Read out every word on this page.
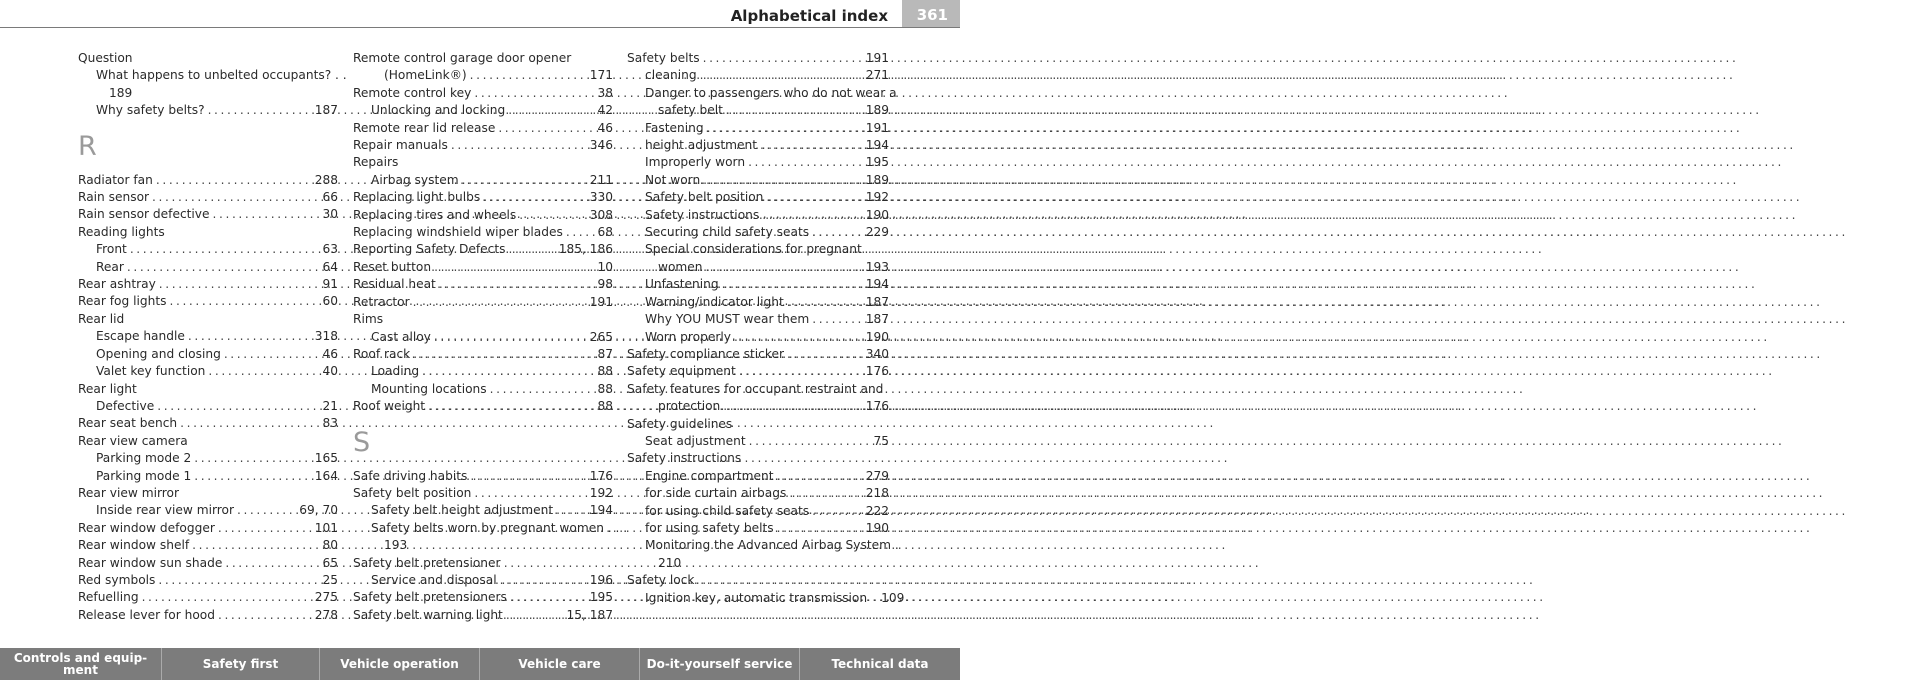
Alphabetical index 361
Question
What happens to unbelted occupants? . .
189
Why safety belts? .....	187
R
Radiator fan .....	288
Rain sensor .....	66
Rain sensor defective .....	30
Reading lights
Front .....	63
Rear .....	64
Rear ashtray .....	91
Rear fog lights .....	60
Rear lid
Escape handle .....	318
Opening and closing .....	46
Valet key function .....	40
Rear light
Defective .....	21
Rear seat bench .....	83
Rear view camera
Parking mode 2 .....	165
Parking mode 1 .....	164
Rear view mirror
Inside rear view mirror .....	69, 70
Rear window defogger .....	101
Rear window shelf .....	80
Rear window sun shade .....	65
Red symbols .....	25
Refuelling .....	275
Release lever for hood .....	278
Remote control garage door opener
(HomeLink®) .....	171
Remote control key .....	38
Unlocking and locking .....	42
Remote rear lid release .....	46
Repair manuals .....	346
Repairs
Airbag system .....	211
Replacing light bulbs .....	330
Replacing tires and wheels .....	308
Replacing windshield wiper blades .....	68
Reporting Safety Defects .....	185, 186
Reset button .....	10
Residual heat .....	98
Retractor .....	191
Rims
Cast alloy .....	265
Roof rack .....	87
Loading .....	88
Mounting locations .....	88
Roof weight .....	88
S
Safe driving habits .....	176
Safety belt position .....	192
Safety belt height adjustment .....	194
Safety belts worn by pregnant women . . .
193
Safety belt pretensioner
Service and disposal .....	196
Safety belt pretensioners .....	195
Safety belt warning light .....	15, 187
Safety belts .....	191
cleaning .....	271
Danger to passengers who do not wear a
safety belt .....	189
Fastening .....	191
height adjustment .....	194
Improperly worn .....	195
Not worn .....	189
Safety belt position .....	192
Safety instructions .....	190
Securing child safety seats .....	229
Special considerations for pregnant
women .....	193
Unfastening .....	194
Warning/indicator light .....	187
Why YOU MUST wear them .....	187
Worn properly .....	190
Safety compliance sticker .....	340
Safety equipment .....	176
Safety features for occupant restraint and
protection .....	176
Safety guidelines
Seat adjustment .....	75
Safety instructions
Engine compartment .....	279
for side curtain airbags .....	218
for using child safety seats .....	222
for using safety belts .....	190
Monitoring the Advanced Airbag System .
210
Safety lock
Ignition key, automatic transmission 109
Controls and equip-
ment	Safety first	Vehicle operation	Vehicle care	Do-it-yourself service	Technical data
